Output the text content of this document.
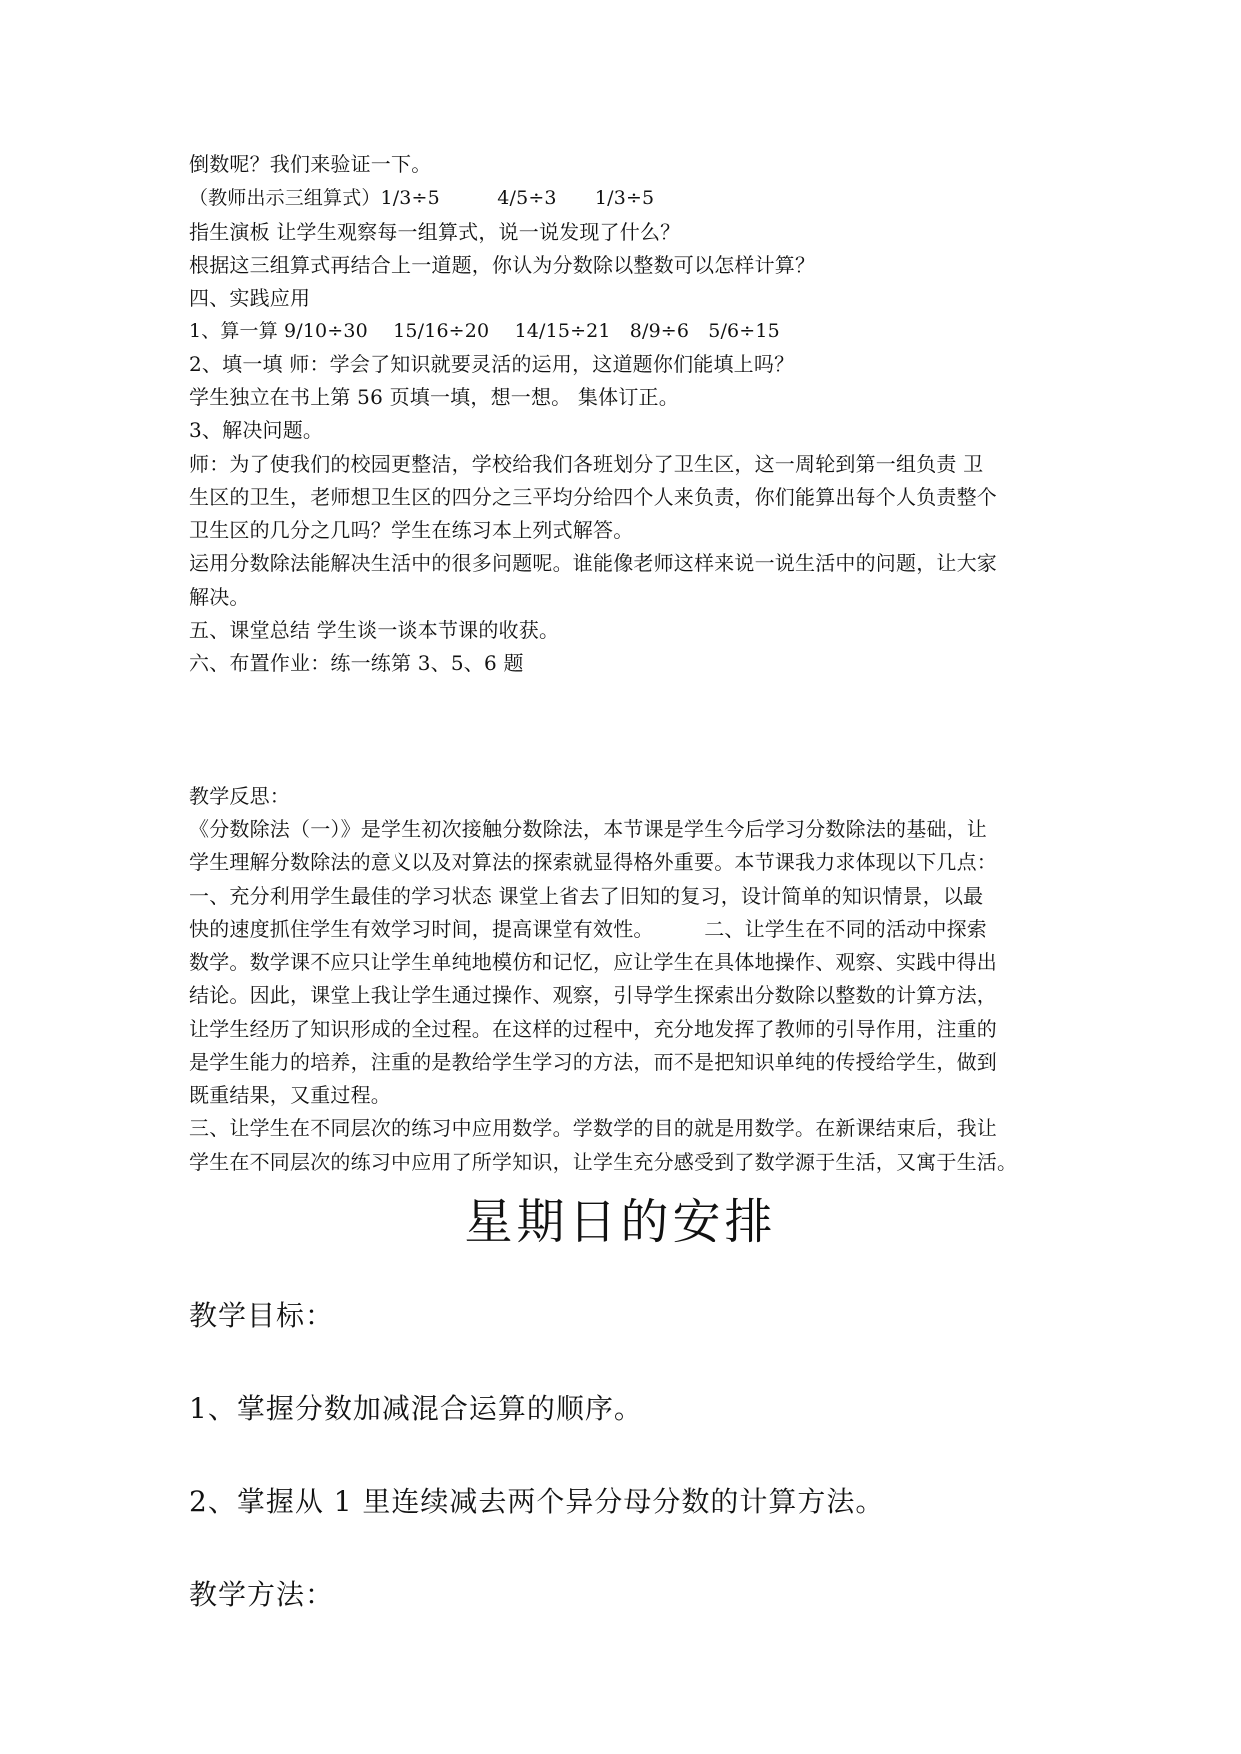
倒数呢？我们来验证一下。
（教师出示三组算式）1/3÷5　　　4/5÷3　　1/3÷5
指生演板 让学生观察每一组算式，说一说发现了什么？
根据这三组算式再结合上一道题，你认为分数除以整数可以怎样计算？
四、实践应用
1、算一算 9/10÷30　 15/16÷20　 14/15÷21　8/9÷6　5/6÷15
2、填一填 师：学会了知识就要灵活的运用，这道题你们能填上吗？
学生独立在书上第 56 页填一填，想一想。 集体订正。
3、解决问题。
师：为了使我们的校园更整洁，学校给我们各班划分了卫生区，这一周轮到第一组负责 卫
生区的卫生，老师想卫生区的四分之三平均分给四个人来负责，你们能算出每个人负责整个
卫生区的几分之几吗？学生在练习本上列式解答。
运用分数除法能解决生活中的很多问题呢。谁能像老师这样来说一说生活中的问题，让大家
解决。
五、课堂总结 学生谈一谈本节课的收获。
六、布置作业：练一练第 3、5、6 题
教学反思：
《分数除法（一）》是学生初次接触分数除法，本节课是学生今后学习分数除法的基础，让
学生理解分数除法的意义以及对算法的探索就显得格外重要。本节课我力求体现以下几点：
一、充分利用学生最佳的学习状态 课堂上省去了旧知的复习，设计简单的知识情景，以最
快的速度抓住学生有效学习时间，提高课堂有效性。　　　二、让学生在不同的活动中探索
数学。数学课不应只让学生单纯地模仿和记忆，应让学生在具体地操作、观察、实践中得出
结论。因此，课堂上我让学生通过操作、观察，引导学生探索出分数除以整数的计算方法，
让学生经历了知识形成的全过程。在这样的过程中，充分地发挥了教师的引导作用，注重的
是学生能力的培养，注重的是教给学生学习的方法，而不是把知识单纯的传授给学生，做到
既重结果，又重过程。
三、让学生在不同层次的练习中应用数学。学数学的目的就是用数学。在新课结束后，我让
学生在不同层次的练习中应用了所学知识，让学生充分感受到了数学源于生活，又寓于生活。
星期日的安排
教学目标：
1、掌握分数加减混合运算的顺序。
2、掌握从 1 里连续减去两个异分母分数的计算方法。
教学方法：
